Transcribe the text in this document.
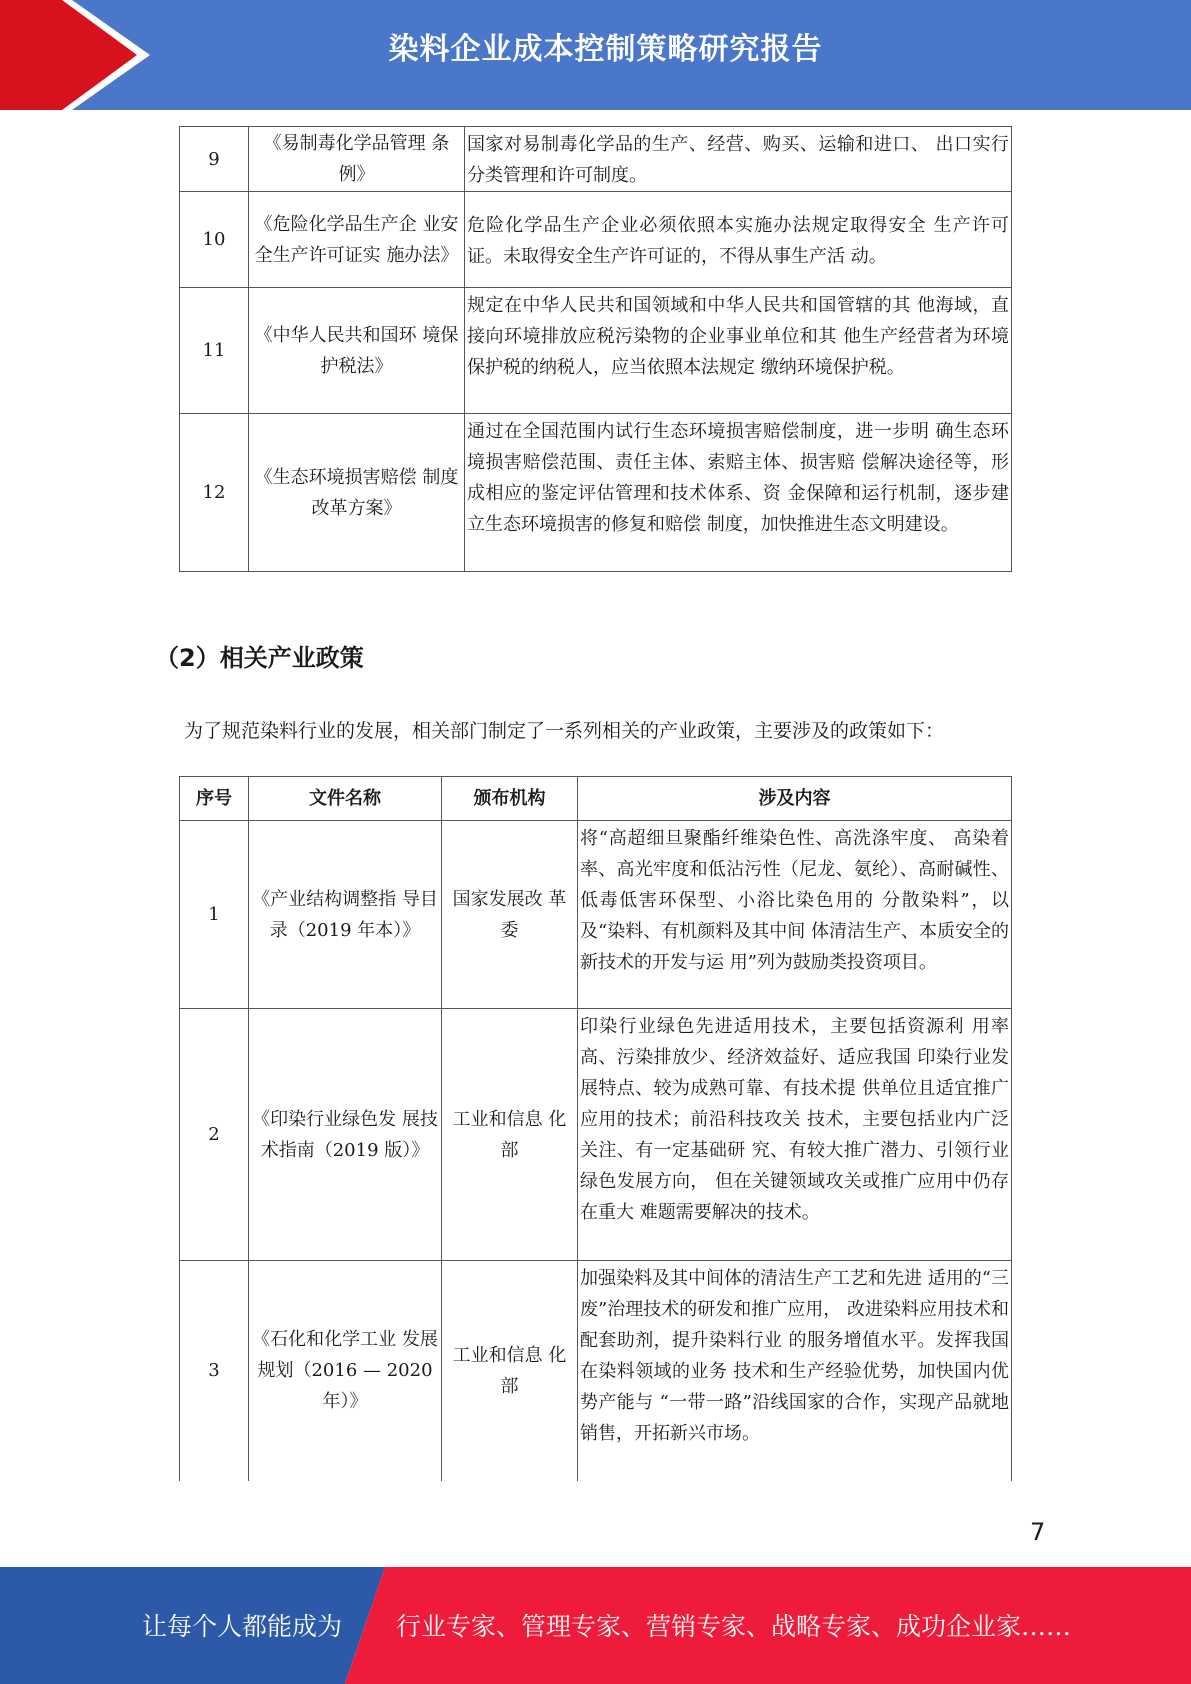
染料企业成本控制策略研究报告
9	《易制毒化学品管理 条例》	国家对易制毒化学品的生产、经营、购买、运输和进口、 出口实行分类管理和许可制度。
10	《危险化学品生产企 业安全生产许可证实 施办法》	危险化学品生产企业必须依照本实施办法规定取得安全 生产许可证。未取得安全生产许可证的，不得从事生产活 动。
11	《中华人民共和国环 境保护税法》	规定在中华人民共和国领域和中华人民共和国管辖的其 他海域，直接向环境排放应税污染物的企业事业单位和其 他生产经营者为环境保护税的纳税人，应当依照本法规定 缴纳环境保护税。
12	《生态环境损害赔偿 制度改革方案》	通过在全国范围内试行生态环境损害赔偿制度，进一步明 确生态环境损害赔偿范围、责任主体、索赔主体、损害赔 偿解决途径等，形成相应的鉴定评估管理和技术体系、资 金保障和运行机制，逐步建立生态环境损害的修复和赔偿 制度，加快推进生态文明建设。
（2）相关产业政策
为了规范染料行业的发展，相关部门制定了一系列相关的产业政策，主要涉及的政策如下：
序号	文件名称	颁布机构	涉及内容
1	《产业结构调整指 导目录（2019 年本）》	国家发展改 革委	将“高超细旦聚酯纤维染色性、高洗涤牢度、 高染着率、高光牢度和低沾污性（尼龙、氨纶）、高耐碱性、低毒低害环保型、小浴比染色用的 分散染料”，以及“染料、有机颜料及其中间 体清洁生产、本质安全的新技术的开发与运 用”列为鼓励类投资项目。
2	《印染行业绿色发 展技术指南（2019 版）》	工业和信息 化部	印染行业绿色先进适用技术，主要包括资源利 用率高、污染排放少、经济效益好、适应我国 印染行业发展特点、较为成熟可靠、有技术提 供单位且适宜推广应用的技术；前沿科技攻关 技术，主要包括业内广泛关注、有一定基础研 究、有较大推广潜力、引领行业绿色发展方向， 但在关键领域攻关或推广应用中仍存在重大 难题需要解决的技术。
3	《石化和化学工业 发展规划（2016 — 2020 年）》	工业和信息 化部	加强染料及其中间体的清洁生产工艺和先进 适用的“三废”治理技术的研发和推广应用， 改进染料应用技术和配套助剂，提升染料行业 的服务增值水平。发挥我国在染料领域的业务 技术和生产经验优势，加快国内优势产能与 “一带一路”沿线国家的合作，实现产品就地 销售，开拓新兴市场。
7
让每个人都能成为 行业专家、管理专家、营销专家、战略专家、成功企业家……
